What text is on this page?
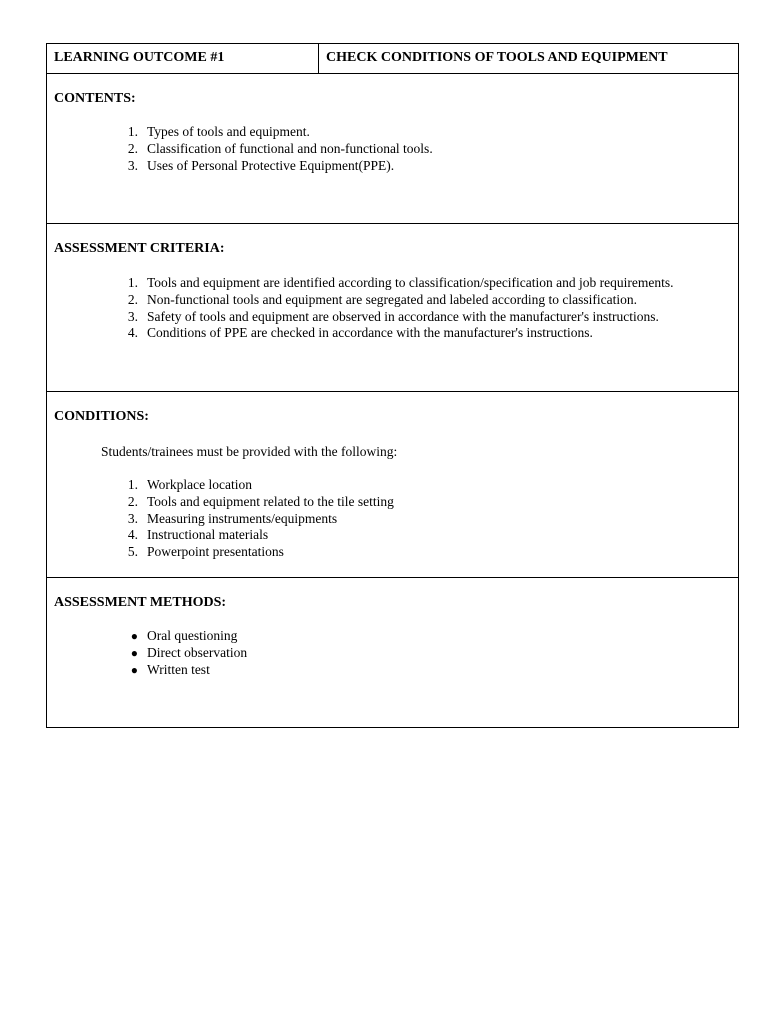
LEARNING OUTCOME #1	CHECK CONDITIONS OF TOOLS AND EQUIPMENT
CONTENTS:
1. Types of tools and equipment.
2. Classification of functional and non-functional tools.
3. Uses of Personal Protective Equipment(PPE).
ASSESSMENT CRITERIA:
1. Tools and equipment are identified according to classification/specification and job requirements.
2. Non-functional tools and equipment are segregated and labeled according to classification.
3. Safety of tools and equipment are observed in accordance with the manufacturer's instructions.
4. Conditions of PPE are checked in accordance with the manufacturer's instructions.
CONDITIONS:
Students/trainees must be provided with the following:
1. Workplace location
2. Tools and equipment related to the tile setting
3. Measuring instruments/equipments
4. Instructional materials
5. Powerpoint presentations
ASSESSMENT METHODS:
● Oral questioning
● Direct observation
● Written test
